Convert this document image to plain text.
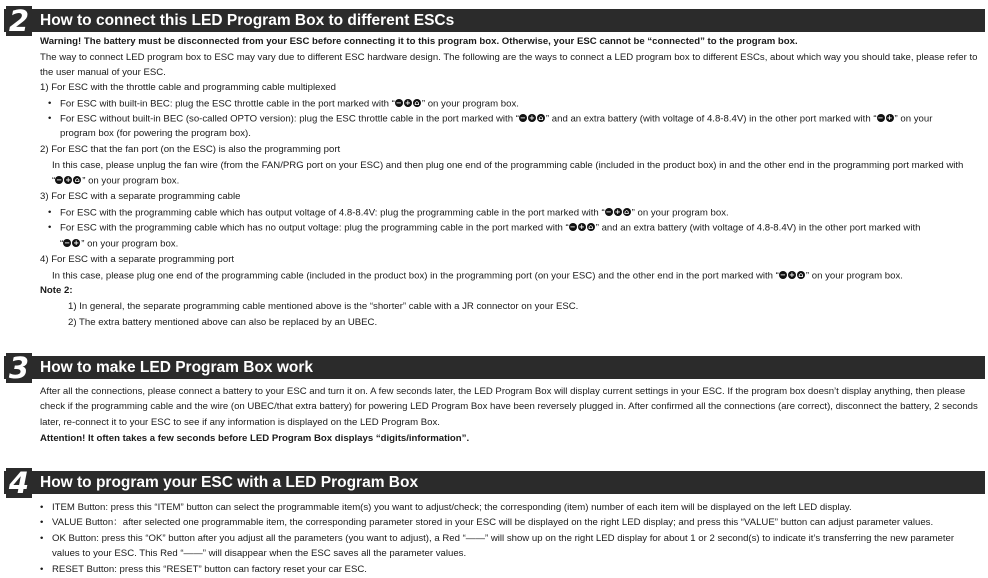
2 How to connect this LED Program Box to different ESCs
Warning! The battery must be disconnected from your ESC before connecting it to this program box. Otherwise, your ESC cannot be “connected” to the program box.
The way to connect LED program box to ESC may vary due to different ESC hardware design. The following are the ways to connect a LED program box to different ESCs, about which way you should take, please refer to
the user manual of your ESC.
1) For ESC with the throttle cable and programming cable multiplexed
• For ESC with built-in BEC: plug the ESC throttle cable in the port marked with “− + ⌂ ” on your program box.
• For ESC without built-in BEC (so-called OPTO version): plug the ESC throttle cable in the port marked with “− + ⌂ ” and an extra battery (with voltage of 4.8-8.4V) in the other port marked with “− + ” on your
program box (for powering the program box).
2) For ESC that the fan port (on the ESC) is also the programming port
In this case, please unplug the fan wire (from the FAN/PRG port on your ESC) and then plug one end of the programming cable (included in the product box) in and the other end in the programming port marked with
“− + ⌂ ” on your program box.
3) For ESC with a separate programming cable
• For ESC with the programming cable which has output voltage of 4.8-8.4V: plug the programming cable in the port marked with “− + ⌂ ” on your program box.
• For ESC with the programming cable which has no output voltage: plug the programming cable in the port marked with “− + ⌂ ” and an extra battery (with voltage of 4.8-8.4V) in the other port marked with
“− + ” on your program box.
4) For ESC with a separate programming port
In this case, please plug one end of the programming cable (included in the product box) in the programming port (on your ESC) and the other end in the port marked with “− + ⌂ ” on your program box.
Note 2:
1) In general, the separate programming cable mentioned above is the “shorter” cable with a JR connector on your ESC.
2) The extra battery mentioned above can also be replaced by an UBEC.
3 How to make LED Program Box work
After all the connections, please connect a battery to your ESC and turn it on. A few seconds later, the LED Program Box will display current settings in your ESC. If the program box doesn’t display anything, then please
check if the programming cable and the wire (on UBEC/that extra battery) for powering LED Program Box have been reversely plugged in. After confirmed all the connections (are correct), disconnect the battery, 2 seconds
later, re-connect it to your ESC to see if any information is displayed on the LED Program Box.
Attention! It often takes a few seconds before LED Program Box displays “digits/information”.
4 How to program your ESC with a LED Program Box
• ITEM Button: press this “ITEM” button can select the programmable item(s) you want to adjust/check; the corresponding (item) number of each item will be displayed on the left LED display.
• VALUE Button：after selected one programmable item, the corresponding parameter stored in your ESC will be displayed on the right LED display; and press this “VALUE” button can adjust parameter values.
• OK Button: press this “OK” button after you adjust all the parameters (you want to adjust), a Red “——” will show up on the right LED display for about 1 or 2 second(s) to indicate it’s transferring the new parameter
values to your ESC. This Red “——” will disappear when the ESC saves all the parameter values.
• RESET Button: press this “RESET” button can factory reset your car ESC.
